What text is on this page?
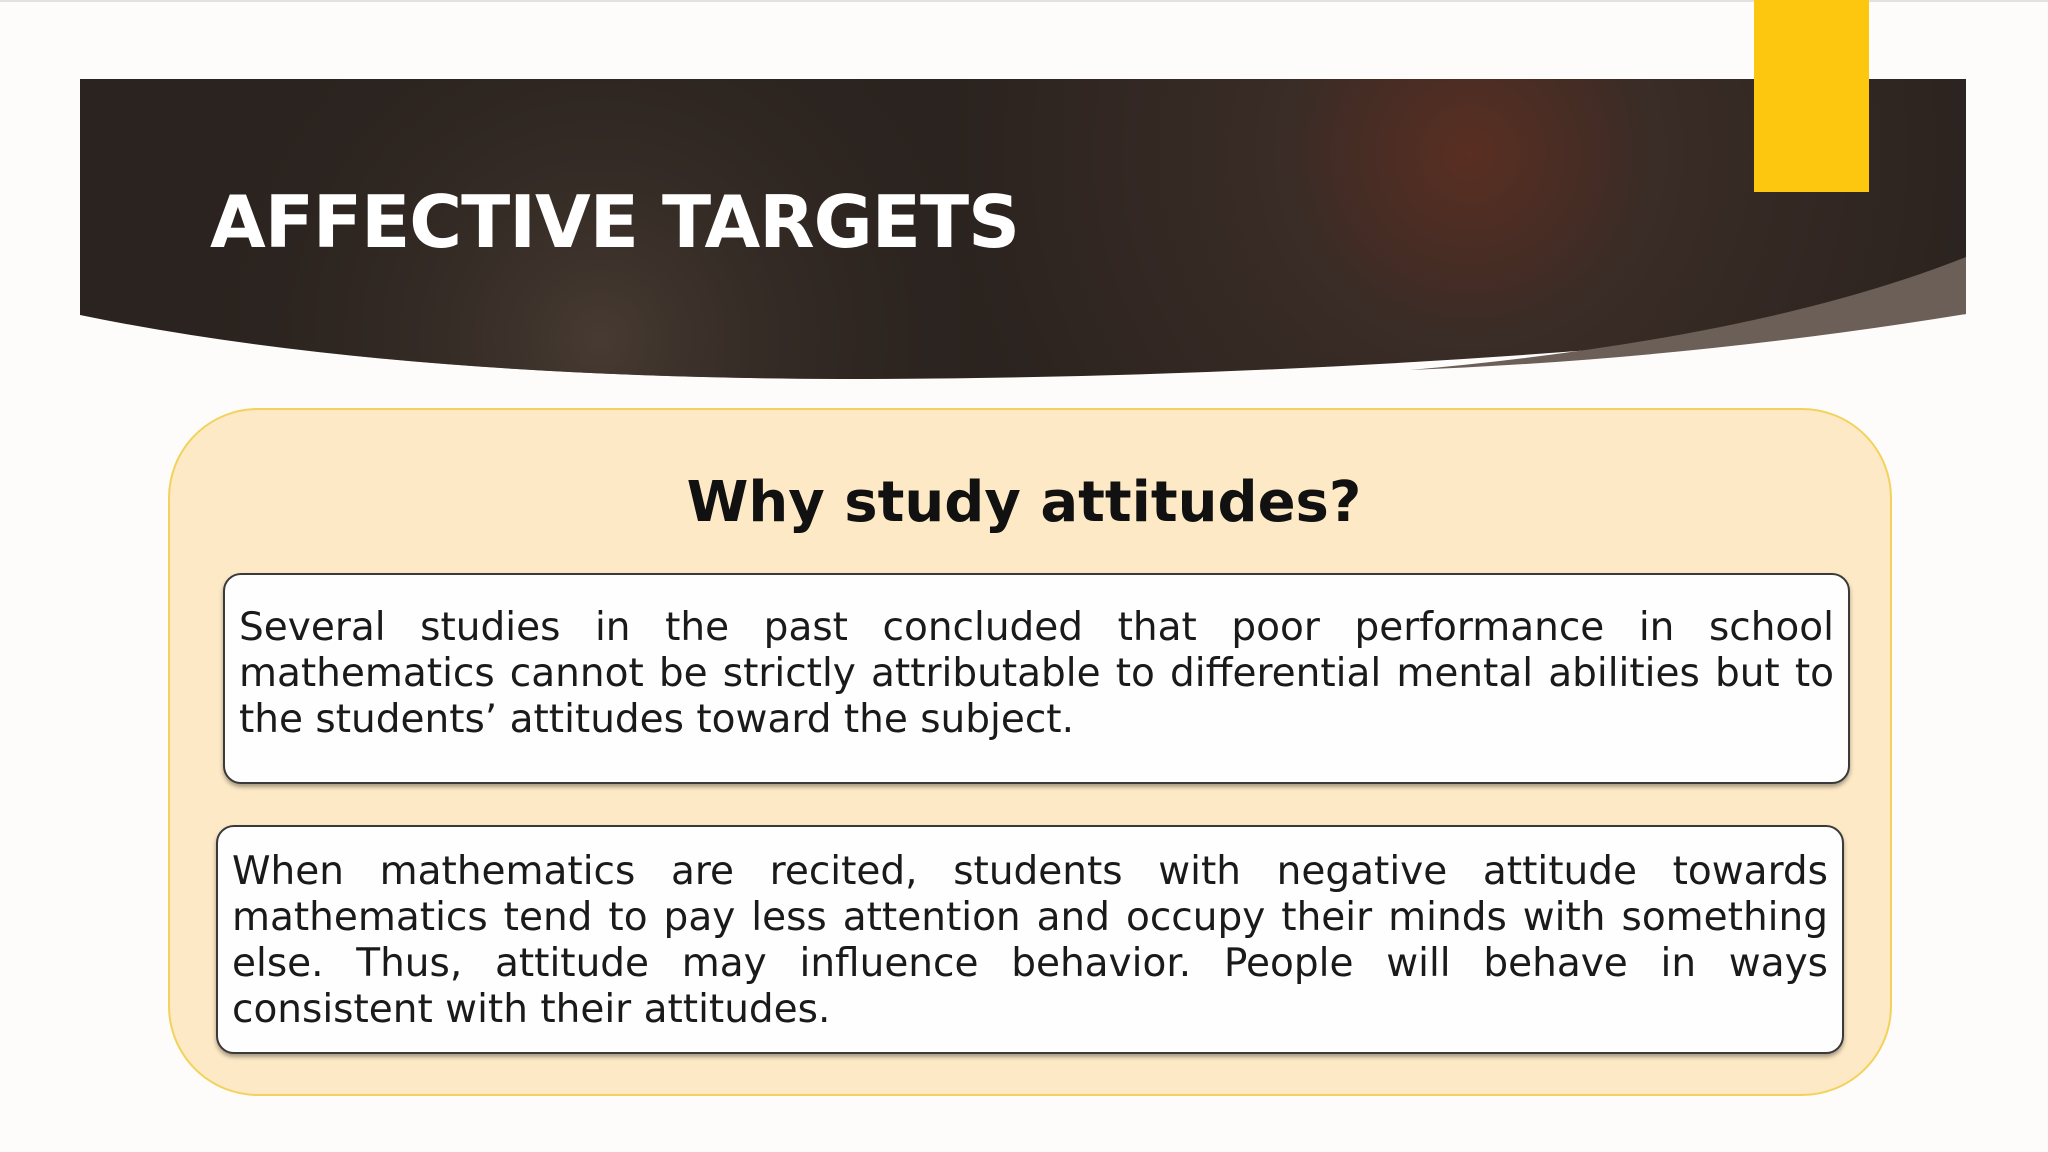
AFFECTIVE TARGETS
Why study attitudes?

Several studies in the past concluded that poor performance in school mathematics cannot be strictly attributable to differential mental abilities but to the students’ attitudes toward the subject.

When mathematics are recited, students with negative attitude towards mathematics tend to pay less attention and occupy their minds with something else. Thus, attitude may influence behavior. People will behave in ways consistent with their attitudes.
